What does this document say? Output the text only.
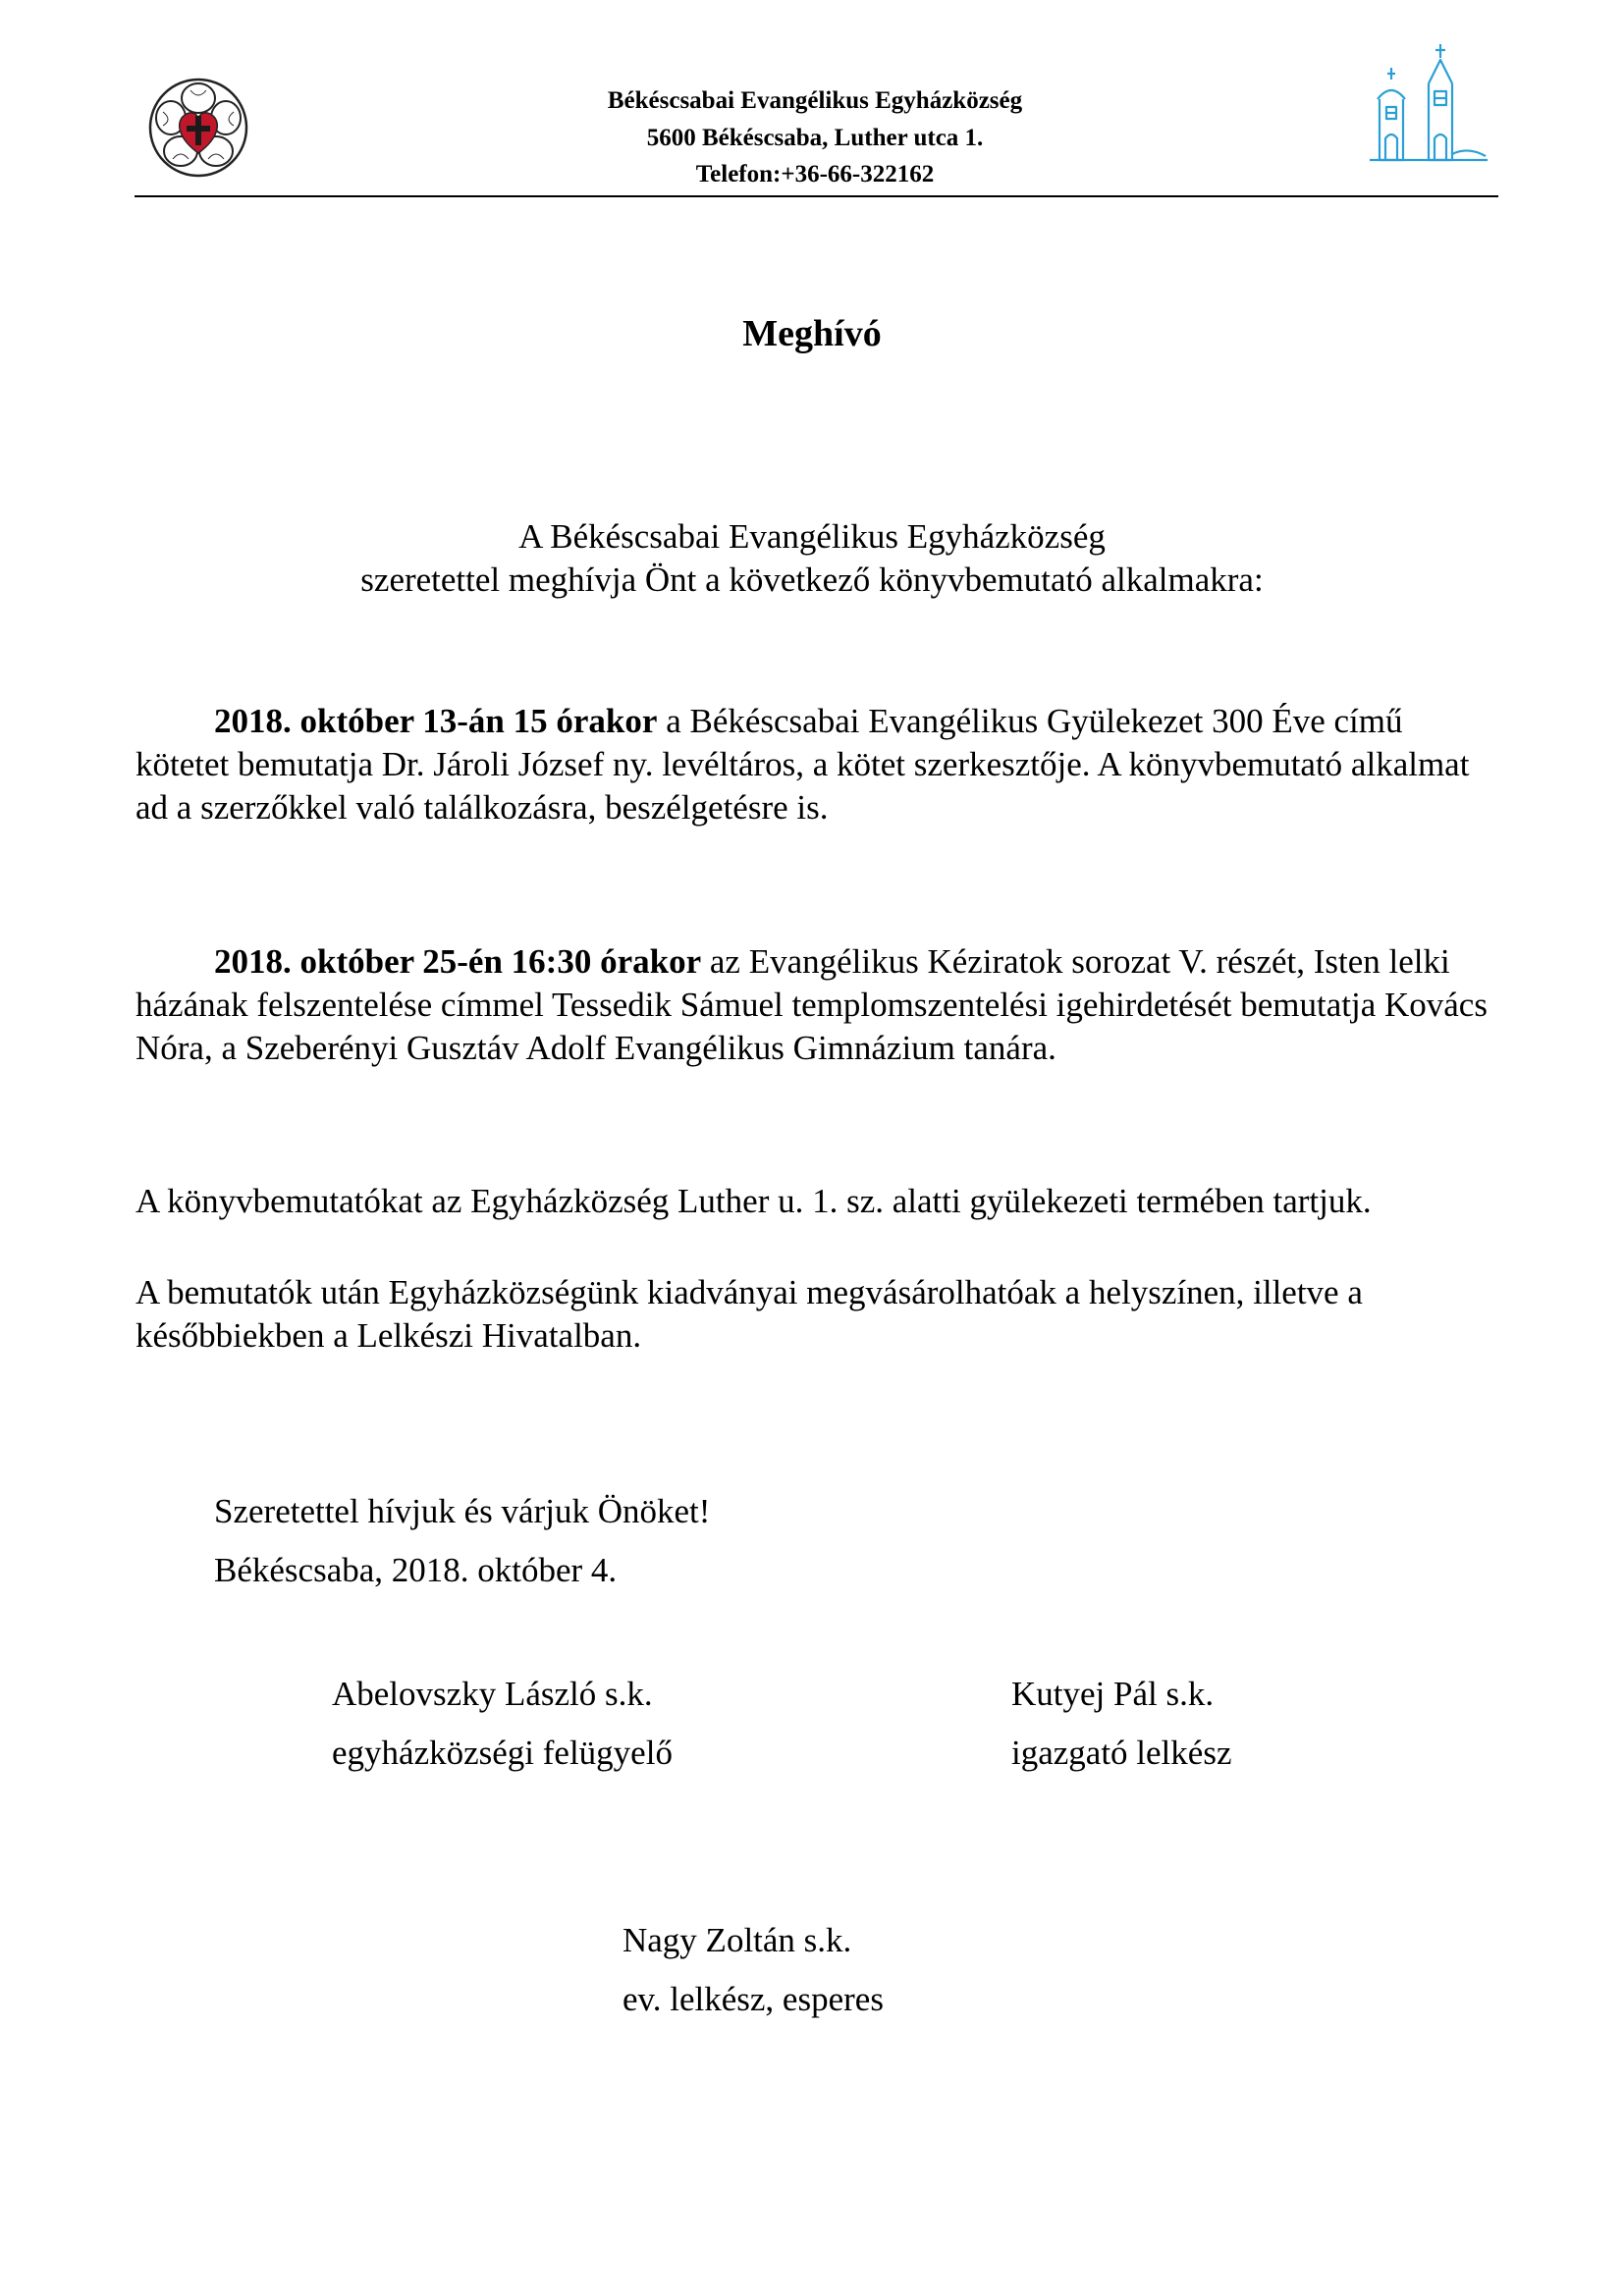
Békéscsabai Evangélikus Egyházközség
5600 Békéscsaba, Luther utca 1.
Telefon:+36-66-322162
Meghívó
A Békéscsabai Evangélikus Egyházközség
szeretettel meghívja Önt a következő könyvbemutató alkalmakra:
2018. október 13-án 15 órakor a Békéscsabai Evangélikus Gyülekezet 300 Éve című kötetet bemutatja Dr. Jároli József ny. levéltáros, a kötet szerkesztője. A könyvbemutató alkalmat ad a szerzőkkel való találkozásra, beszélgetésre is.
2018. október 25-én 16:30 órakor az Evangélikus Kéziratok sorozat V. részét, Isten lelki házának felszentelése címmel Tessedik Sámuel templomszentelési igehirdetését bemutatja Kovács Nóra, a Szeberényi Gusztáv Adolf Evangélikus Gimnázium tanára.
A könyvbemutatókat az Egyházközség Luther u. 1. sz. alatti gyülekezeti termében tartjuk.
A bemutatók után Egyházközségünk kiadványai megvásárolhatóak a helyszínen, illetve a későbbiekben a Lelkészi Hivatalban.
Szeretettel hívjuk és várjuk Önöket!
Békéscsaba, 2018. október 4.
Abelovszky László s.k.
egyházközségi felügyelő
Kutyej Pál s.k.
igazgató lelkész
Nagy Zoltán s.k.
ev. lelkész, esperes
